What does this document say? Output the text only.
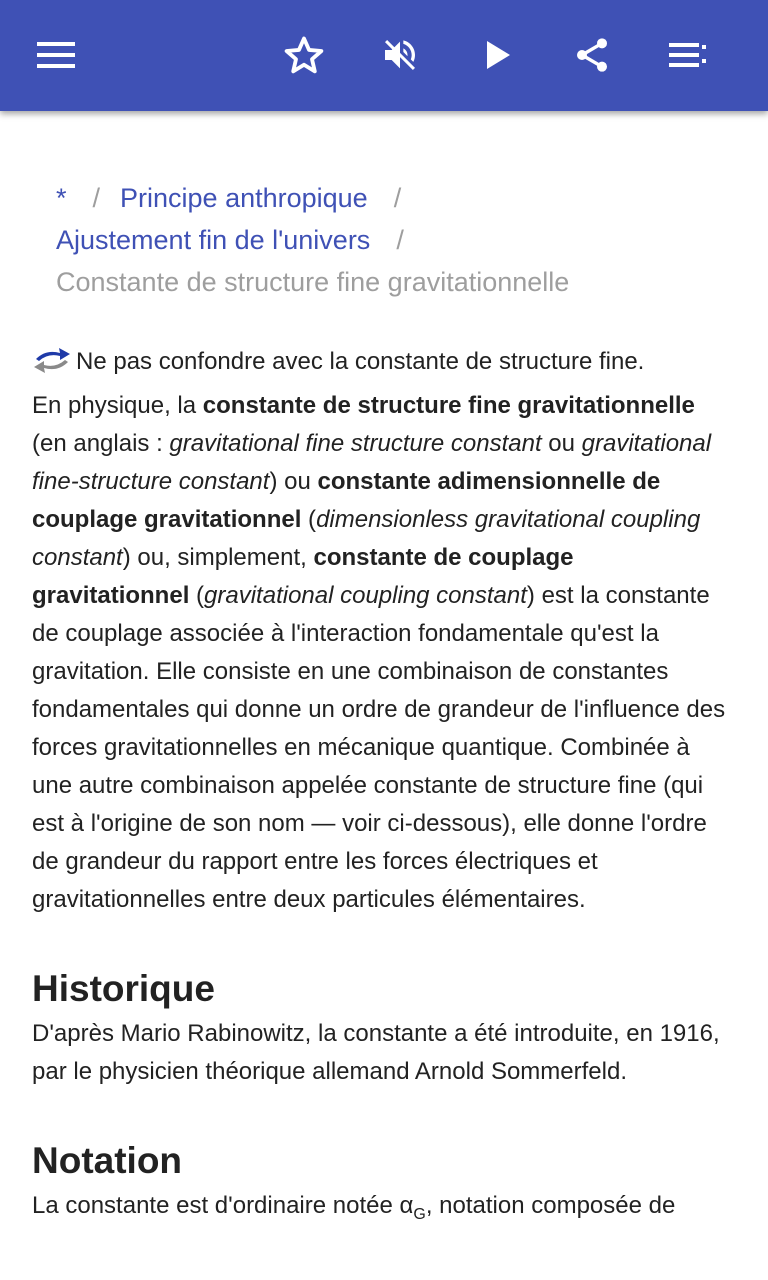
* / Principe anthropique /
Ajustement fin de l'univers /
Constante de structure fine gravitationnelle

Ne pas confondre avec la constante de structure fine.

En physique, la constante de structure fine gravitationnelle (en anglais : gravitational fine structure constant ou gravitational fine-structure constant) ou constante adimensionnelle de couplage gravitationnel (dimensionless gravitational coupling constant) ou, simplement, constante de couplage gravitationnel (gravitational coupling constant) est la constante de couplage associée à l'interaction fondamentale qu'est la gravitation. Elle consiste en une combinaison de constantes fondamentales qui donne un ordre de grandeur de l'influence des forces gravitationnelles en mécanique quantique. Combinée à une autre combinaison appelée constante de structure fine (qui est à l'origine de son nom — voir ci-dessous), elle donne l'ordre de grandeur du rapport entre les forces électriques et gravitationnelles entre deux particules élémentaires.

Historique

D'après Mario Rabinowitz, la constante a été introduite, en 1916, par le physicien théorique allemand Arnold Sommerfeld.

Notation

La constante est d'ordinaire notée $\alpha_G$, notation composée de
